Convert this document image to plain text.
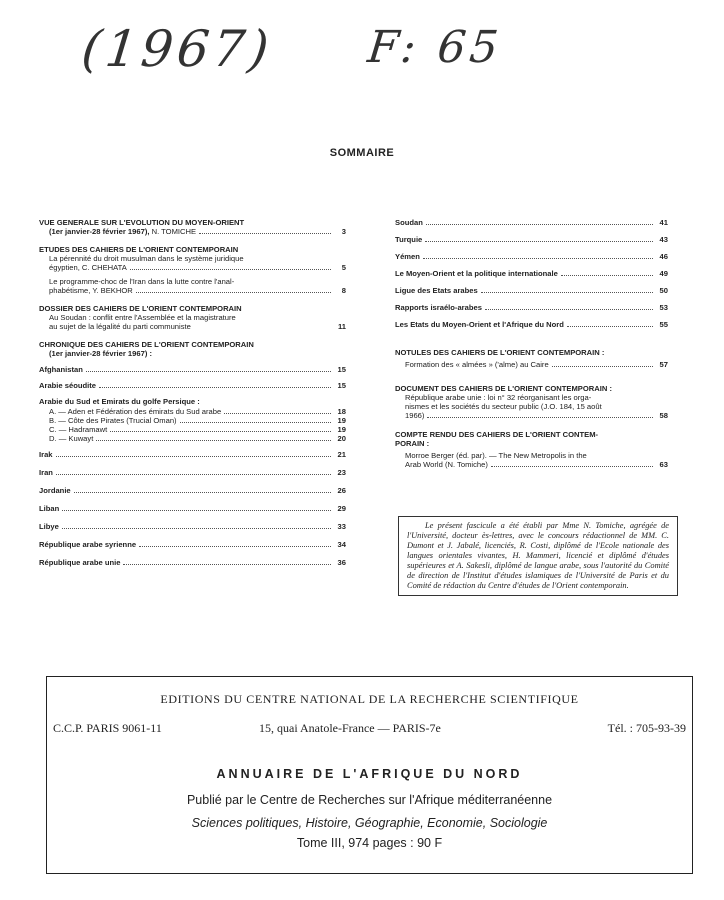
(1967) F: 65
SOMMAIRE
VUE GENERALE SUR L'EVOLUTION DU MOYEN-ORIENT
(1er janvier-28 février 1967), N. TOMICHE	3
ETUDES DES CAHIERS DE L'ORIENT CONTEMPORAIN
La pérennité du droit musulman dans le système juridique
égyptien, C. CHEHATA	5
Le programme-choc de l'Iran dans la lutte contre l'anal-
phabétisme, Y. BEKHOR	8
DOSSIER DES CAHIERS DE L'ORIENT CONTEMPORAIN
Au Soudan : conflit entre l'Assemblée et la magistrature
au sujet de la légalité du parti communiste	11
CHRONIQUE DES CAHIERS DE L'ORIENT CONTEMPORAIN
(1er janvier-28 février 1967) :
Afghanistan	15
Arabie séoudite	15
Arabie du Sud et Emirats du golfe Persique :
A. — Aden et Fédération des émirats du Sud arabe	18
B. — Côte des Pirates (Trucial Oman)	19
C. — Hadramawt	19
D. — Kuwayt	20
Irak	21
Iran	23
Jordanie	26
Liban	29
Libye	33
République arabe syrienne	34
République arabe unie	36
Soudan	41
Turquie	43
Yémen	46
Le Moyen-Orient et la politique internationale	49
Ligue des Etats arabes	50
Rapports israélo-arabes	53
Les Etats du Moyen-Orient et l'Afrique du Nord	55
NOTULES DES CAHIERS DE L'ORIENT CONTEMPORAIN :
Formation des « almées » ('alme) au Caire	57
DOCUMENT DES CAHIERS DE L'ORIENT CONTEMPORAIN :
République arabe unie : loi n° 32 réorganisant les orga-
nismes et les sociétés du secteur public (J.O. 184, 15 août
1966)	58
COMPTE RENDU DES CAHIERS DE L'ORIENT CONTEM-
PORAIN :
Morroe Berger (éd. par). — The New Metropolis in the
Arab World (N. Tomiche)	63
Le présent fascicule a été établi par Mme N. Tomiche, agrégée de l'Université, docteur ès-lettres, avec le concours rédactionnel de MM. C. Dumont et J. Jabalé, licenciés, R. Costi, diplômé de l'Ecole nationale des langues orientales vivantes, H. Mammeri, licencié et diplômé d'études supérieures et A. Sakesli, diplômé de langue arabe, sous l'autorité du Comité de direction de l'Institut d'études islamiques de l'Université de Paris et du Comité de rédaction du Centre d'études de l'Orient contemporain.
EDITIONS DU CENTRE NATIONAL DE LA RECHERCHE SCIENTIFIQUE
C.C.P. PARIS 9061-11	15, quai Anatole-France — PARIS-7e	Tél. : 705-93-39
ANNUAIRE DE L'AFRIQUE DU NORD
Publié par le Centre de Recherches sur l'Afrique méditerranéenne
Sciences politiques, Histoire, Géographie, Economie, Sociologie
Tome III, 974 pages : 90 F
